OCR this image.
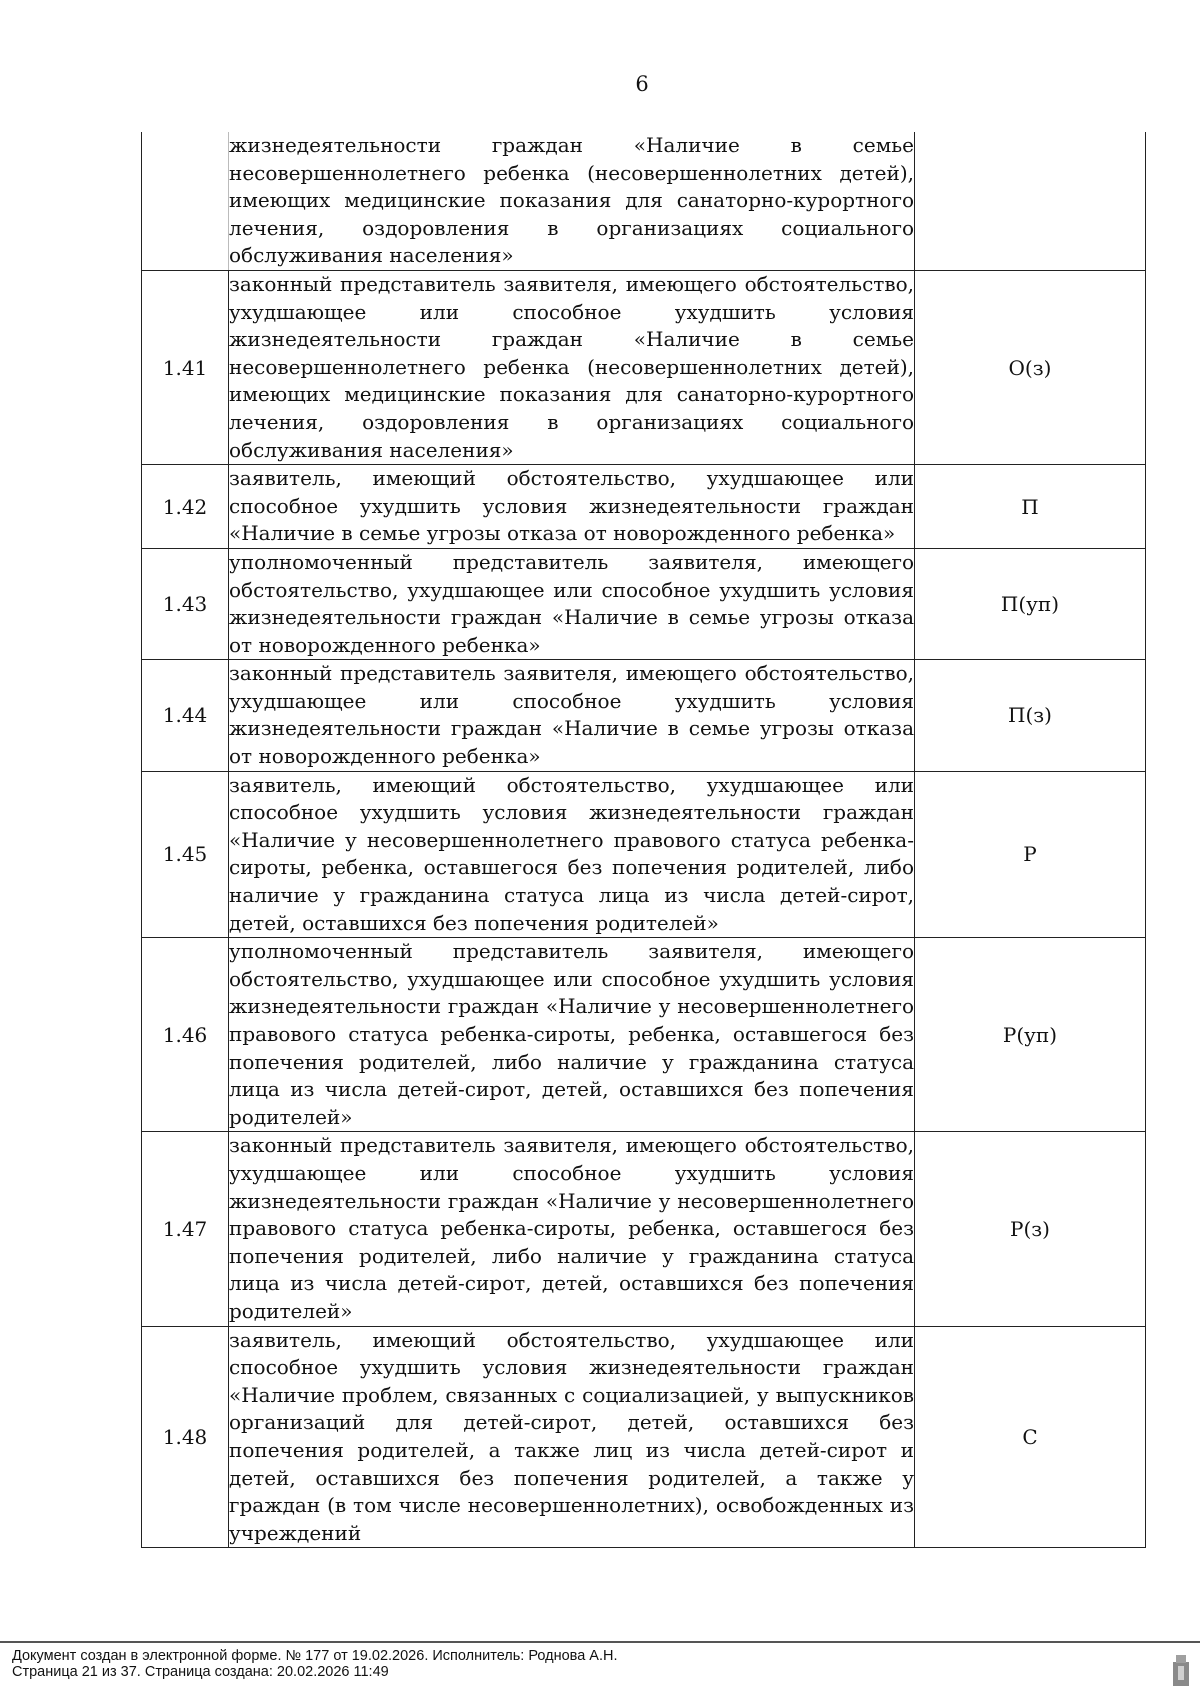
6
	жизнедеятельности граждан «Наличие в семье несовершеннолетнего ребенка (несовершеннолетних детей), имеющих медицинские показания для санаторно-курортного лечения, оздоровления в организациях социального обслуживания населения»	
1.41	законный представитель заявителя, имеющего обстоятельство, ухудшающее или способное ухудшить условия жизнедеятельности граждан «Наличие в семье несовершеннолетнего ребенка (несовершеннолетних детей), имеющих медицинские показания для санаторно-курортного лечения, оздоровления в организациях социального обслуживания населения»	О(з)
1.42	заявитель, имеющий обстоятельство, ухудшающее или способное ухудшить условия жизнедеятельности граждан «Наличие в семье угрозы отказа от новорожденного ребенка»	П
1.43	уполномоченный представитель заявителя, имеющего обстоятельство, ухудшающее или способное ухудшить условия жизнедеятельности граждан «Наличие в семье угрозы отказа от новорожденного ребенка»	П(уп)
1.44	законный представитель заявителя, имеющего обстоятельство, ухудшающее или способное ухудшить условия жизнедеятельности граждан «Наличие в семье угрозы отказа от новорожденного ребенка»	П(з)
1.45	заявитель, имеющий обстоятельство, ухудшающее или способное ухудшить условия жизнедеятельности граждан «Наличие у несовершеннолетнего правового статуса ребенка-сироты, ребенка, оставшегося без попечения родителей, либо наличие у гражданина статуса лица из числа детей-сирот, детей, оставшихся без попечения родителей»	Р
1.46	уполномоченный представитель заявителя, имеющего обстоятельство, ухудшающее или способное ухудшить условия жизнедеятельности граждан «Наличие у несовершеннолетнего правового статуса ребенка-сироты, ребенка, оставшегося без попечения родителей, либо наличие у гражданина статуса лица из числа детей-сирот, детей, оставшихся без попечения родителей»	Р(уп)
1.47	законный представитель заявителя, имеющего обстоятельство, ухудшающее или способное ухудшить условия жизнедеятельности граждан «Наличие у несовершеннолетнего правового статуса ребенка-сироты, ребенка, оставшегося без попечения родителей, либо наличие у гражданина статуса лица из числа детей-сирот, детей, оставшихся без попечения родителей»	Р(з)
1.48	заявитель, имеющий обстоятельство, ухудшающее или способное ухудшить условия жизнедеятельности граждан «Наличие проблем, связанных с социализацией, у выпускников организаций для детей-сирот, детей, оставшихся без попечения родителей, а также лиц из числа детей-сирот и детей, оставшихся без попечения родителей, а также у граждан (в том числе несовершеннолетних), освобожденных из учреждений	С
Документ создан в электронной форме. № 177 от 19.02.2026. Исполнитель: Роднова А.Н.
Страница 21 из 37. Страница создана: 20.02.2026 11:49
